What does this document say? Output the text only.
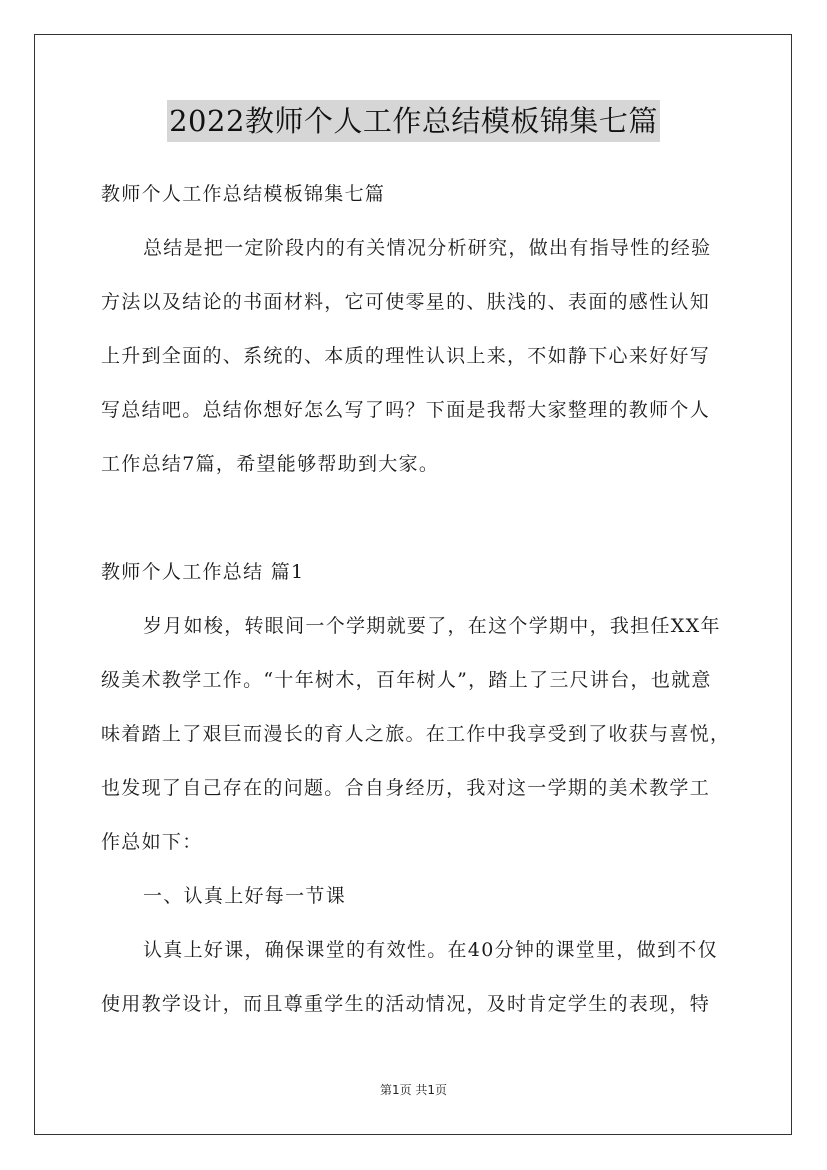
2022教师个人工作总结模板锦集七篇
教师个人工作总结模板锦集七篇
总结是把一定阶段内的有关情况分析研究，做出有指导性的经验
方法以及结论的书面材料，它可使零星的、肤浅的、表面的感性认知
上升到全面的、系统的、本质的理性认识上来，不如静下心来好好写
写总结吧。总结你想好怎么写了吗？下面是我帮大家整理的教师个人
工作总结7篇，希望能够帮助到大家。
教师个人工作总结 篇1
岁月如梭，转眼间一个学期就要了，在这个学期中，我担任XX年
级美术教学工作。“十年树木，百年树人”，踏上了三尺讲台，也就意
味着踏上了艰巨而漫长的育人之旅。在工作中我享受到了收获与喜悦，
也发现了自己存在的问题。合自身经历，我对这一学期的美术教学工
作总如下：
一、认真上好每一节课
认真上好课，确保课堂的有效性。在40分钟的课堂里，做到不仅
使用教学设计，而且尊重学生的活动情况，及时肯定学生的表现，特
第1页 共1页
